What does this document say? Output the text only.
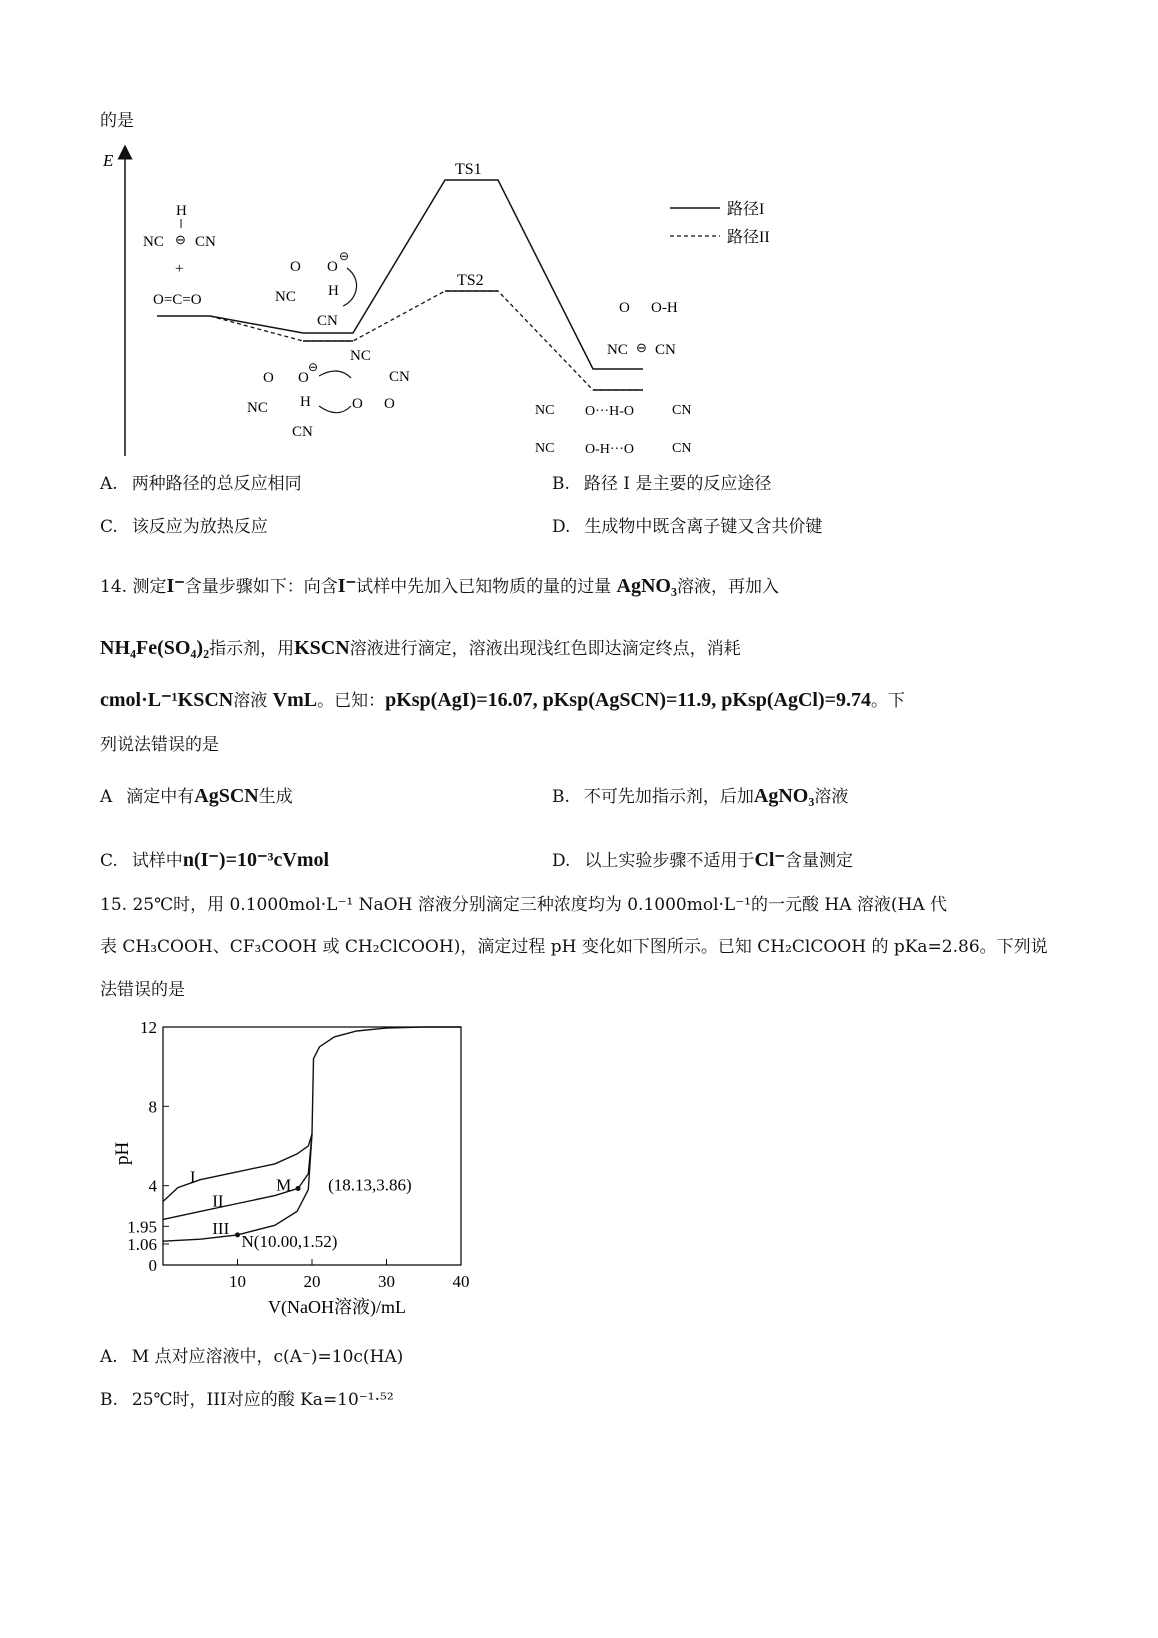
的是
E	TS1
TS2
路径I
路径II
H
NC ⊖ CN
+
O=C=O
O O
⊖
H
NC
CN
NC
CN
O O
⊖
H
NC
CN
O O
O O-H
NC ⊖ CN
NC
NC
O···H-O
O-H···O
CN
CN
A. 两种路径的总反应相同	B. 路径 I 是主要的反应途径
C. 该反应为放热反应	D. 生成物中既含离子键又含共价键
14. 测定I⁻含量步骤如下：向含I⁻试样中先加入已知物质的量的过量 AgNO₃溶液，再加入
NH₄Fe(SO₄)₂指示剂，用KSCN溶液进行滴定，溶液出现浅红色即达滴定终点，消耗
cmol·L⁻¹KSCN溶液 VmL。已知：pKsp(AgI)=16.07, pKsp(AgSCN)=11.9, pKsp(AgCl)=9.74。下
列说法错误的是
A 滴定中有AgSCN生成	B. 不可先加指示剂，后加AgNO₃溶液
C. 试样中n(I⁻)=10⁻³cVmol	D. 以上实验步骤不适用于Cl⁻含量测定
15. 25℃时，用 0.1000mol·L⁻¹ NaOH 溶液分别滴定三种浓度均为 0.1000mol·L⁻¹的一元酸 HA 溶液(HA 代
表 CH₃COOH、CF₃COOH 或 CH₂ClCOOH)，滴定过程 pH 变化如下图所示。已知 CH₂ClCOOH 的 pKa=2.86。下列说
法错误的是
0
1.06
1.95
4
8
12
10	20	30	40
I
II
III
M (18.13,3.86)
N(10.00,1.52)
pH
V(NaOH溶液)/mL
A. M 点对应溶液中，c(A⁻)=10c(HA)
B. 25℃时，III对应的酸 Ka=10⁻¹·⁵²
